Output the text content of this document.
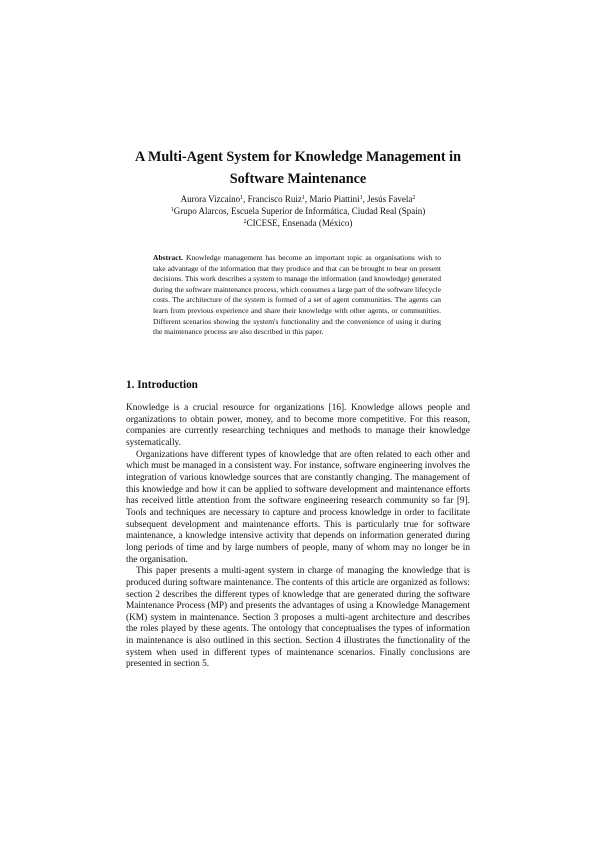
A Multi-Agent System for Knowledge Management in
Software Maintenance
Aurora Vizcaíno$^1$, Francisco Ruiz$^1$, Mario Piattini$^1$, Jesús Favela$^2$
$^1$Grupo Alarcos, Escuela Superior de Informática, Ciudad Real (Spain)
$^2$CICESE, Ensenada (México)
Abstract. Knowledge management has become an important topic as organisations wish to take advantage of the information that they produce and that can be brought to bear on present decisions. This work describes a system to manage the information (and knowledge) generated during the software maintenance process, which consumes a large part of the software lifecycle costs. The architecture of the system is formed of a set of agent communities. The agents can learn from previous experience and share their knowledge with other agents, or communities. Different scenarios showing the system's functionality and the convenience of using it during the maintenance process are also described in this paper.
1. Introduction

Knowledge is a crucial resource for organizations [16]. Knowledge allows people and organizations to obtain power, money, and to become more competitive. For this reason, companies are currently researching techniques and methods to manage their knowledge systematically.

Organizations have different types of knowledge that are often related to each other and which must be managed in a consistent way. For instance, software engineering involves the integration of various knowledge sources that are constantly changing. The management of this knowledge and how it can be applied to software development and maintenance efforts has received little attention from the software engineering research community so far [9]. Tools and techniques are necessary to capture and process knowledge in order to facilitate subsequent development and maintenance efforts. This is particularly true for software maintenance, a knowledge intensive activity that depends on information generated during long periods of time and by large numbers of people, many of whom may no longer be in the organisation.

This paper presents a multi-agent system in charge of managing the knowledge that is produced during software maintenance. The contents of this article are organized as follows: section 2 describes the different types of knowledge that are generated during the software Maintenance Process (MP) and presents the advantages of using a Knowledge Management (KM) system in maintenance. Section 3 proposes a multi-agent architecture and describes the roles played by these agents. The ontology that conceptualises the types of information in maintenance is also outlined in this section. Section 4 illustrates the functionality of the system when used in different types of maintenance scenarios. Finally conclusions are presented in section 5.
